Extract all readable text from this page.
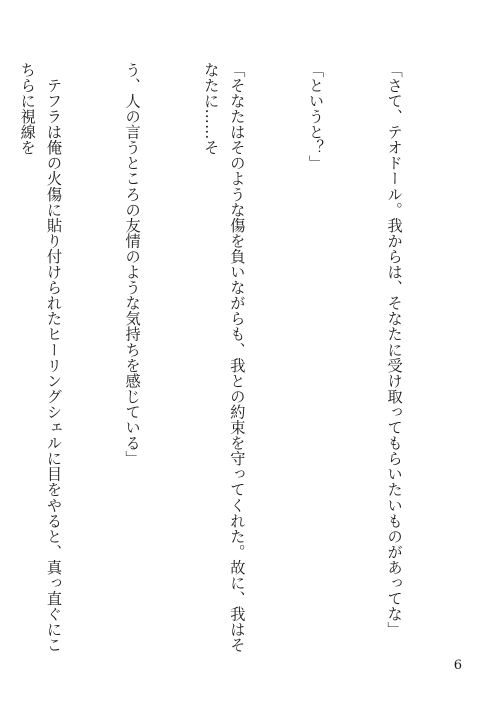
「さて、テオドール。我からは、そなたに受け取ってもらいたいものがあってな」

「というと？」

「そなたはそのような傷を負いながらも、我との約束を守ってくれた。故に、我はそなたに……そ

う、人の言うところの友情のような気持ちを感じている」

　テフラは俺の火傷に貼り付けられたヒーリングシェルに目をやると、真っ直ぐにこちらに視線を

6
